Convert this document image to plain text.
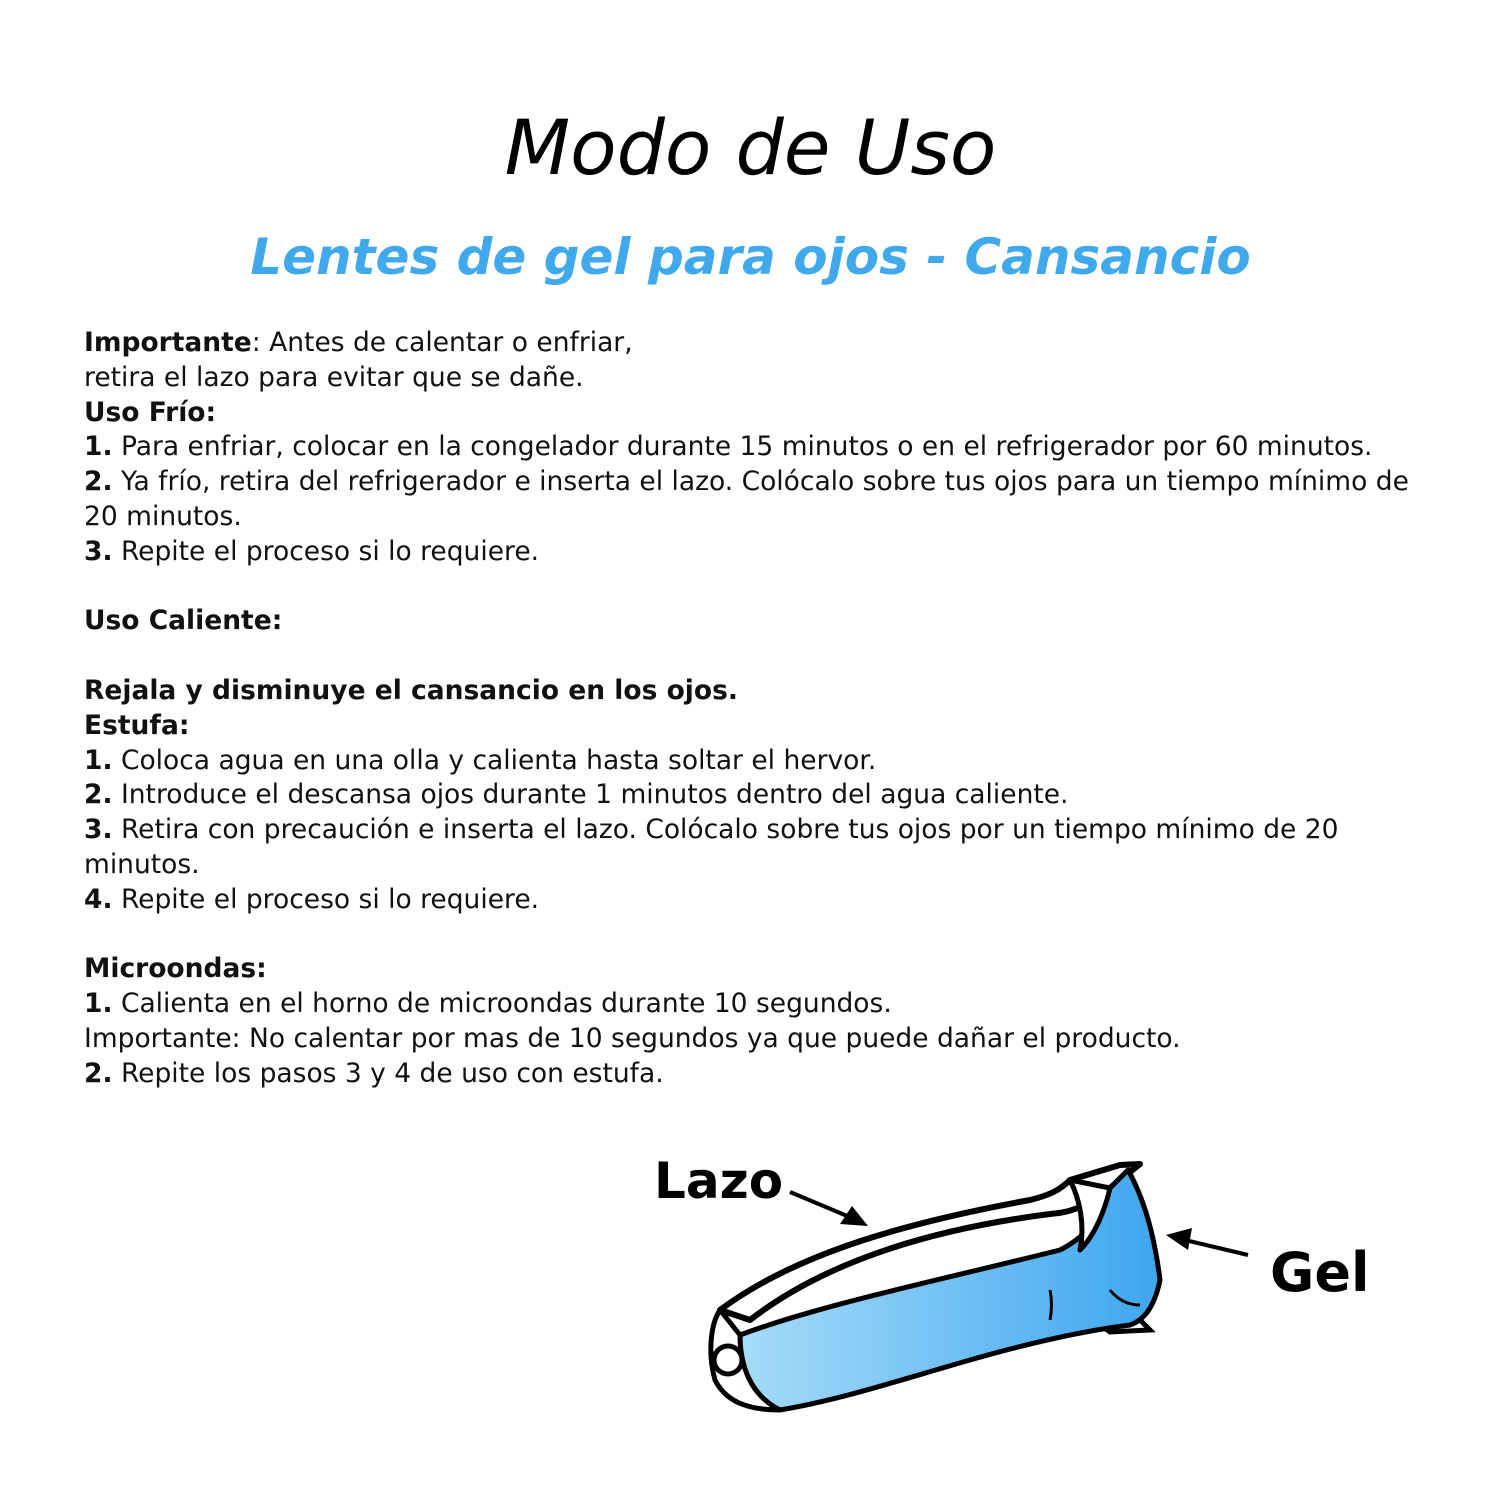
Modo de Uso
Lentes de gel para ojos - Cansancio

Importante: Antes de calentar o enfriar,

retira el lazo para evitar que se dañe.

Uso Frío:

1. Para enfriar, colocar en la congelador durante 15 minutos o en el refrigerador por 60 minutos.

2. Ya frío, retira del refrigerador e inserta el lazo. Colócalo sobre tus ojos para un tiempo mínimo de 20 minutos.

3. Repite el proceso si lo requiere.

Uso Caliente:

Rejala y disminuye el cansancio en los ojos.

Estufa:

1. Coloca agua en una olla y calienta hasta soltar el hervor.

2. Introduce el descansa ojos durante 1 minutos dentro del agua caliente.

3. Retira con precaución e inserta el lazo. Colócalo sobre tus ojos por un tiempo mínimo de 20 minutos.

4. Repite el proceso si lo requiere.

Microondas:

1. Calienta en el horno de microondas durante 10 segundos.

Importante: No calentar por mas de 10 segundos ya que puede dañar el producto.

2. Repite los pasos 3 y 4 de uso con estufa.

Lazo
Gel
